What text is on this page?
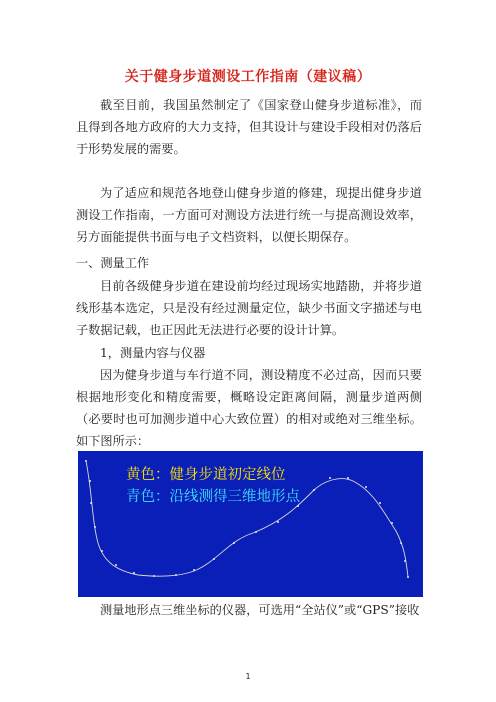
关于健身步道测设工作指南（建议稿）
截至目前，我国虽然制定了《国家登山健身步道标准》，而且得到各地方政府的大力支持，但其设计与建设手段相对仍落后于形势发展的需要。
为了适应和规范各地登山健身步道的修建，现提出健身步道测设工作指南，一方面可对测设方法进行统一与提高测设效率，另方面能提供书面与电子文档资料，以便长期保存。
一、测量工作
目前各级健身步道在建设前均经过现场实地踏勘，并将步道线形基本选定，只是没有经过测量定位，缺少书面文字描述与电子数据记载，也正因此无法进行必要的设计计算。
1，测量内容与仪器
因为健身步道与车行道不同，测设精度不必过高，因而只要根据地形变化和精度需要，概略设定距离间隔，测量步道两侧（必要时也可加测步道中心大致位置）的相对或绝对三维坐标。如下图所示：
黄色：健身步道初定线位
青色：沿线测得三维地形点
测量地形点三维坐标的仪器，可选用“全站仪”或“GPS”接收
1
